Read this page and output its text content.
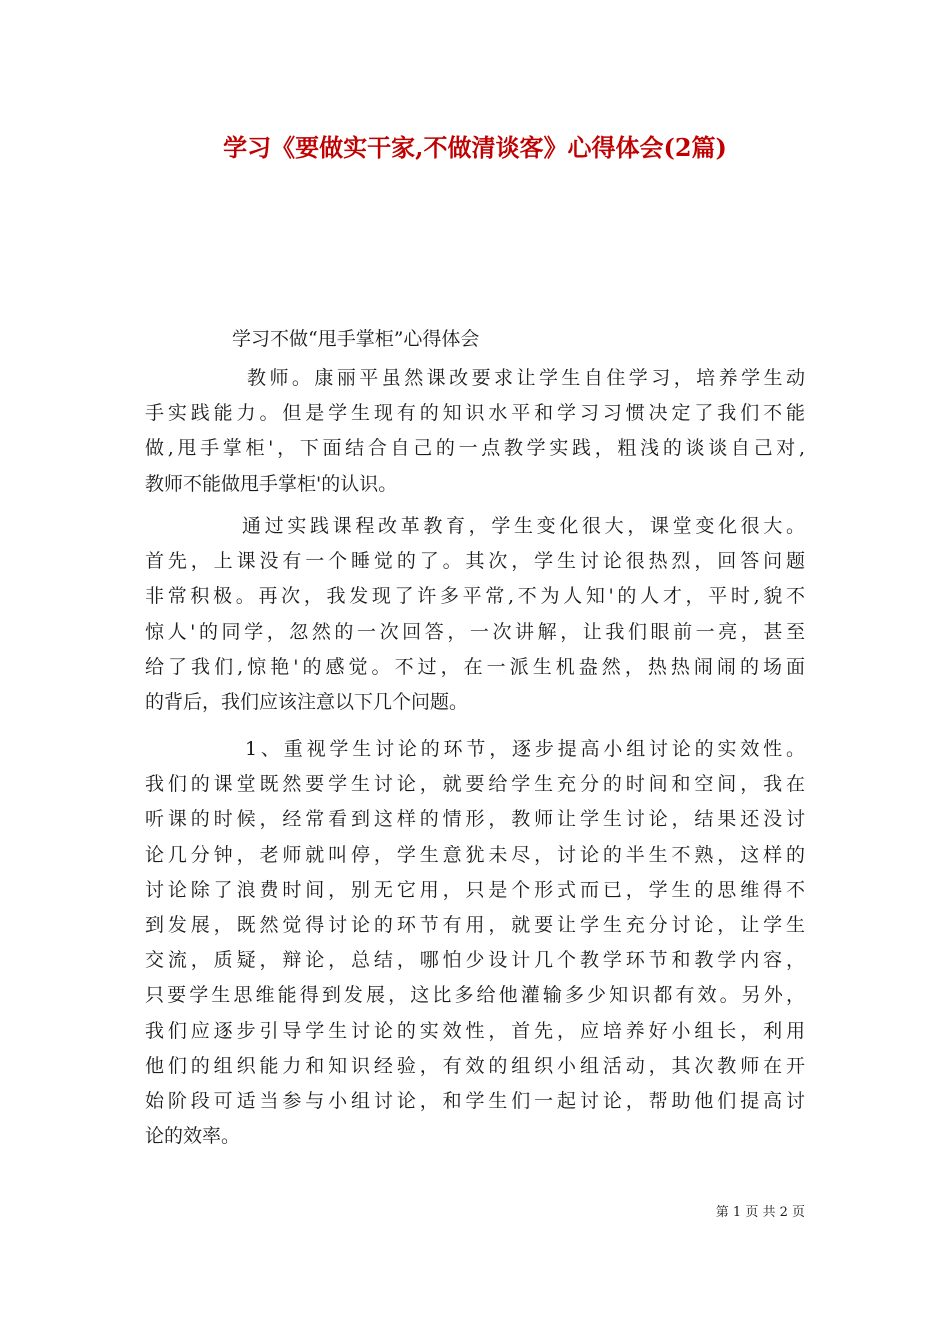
学习《要做实干家,不做清谈客》心得体会(2篇)

学习不做“甩手掌柜”心得体会

教师。康丽平虽然课改要求让学生自住学习，培养学生动
手实践能力。但是学生现有的知识水平和学习习惯决定了我们不能
做,甩手掌柜'，下面结合自己的一点教学实践，粗浅的谈谈自己对,
教师不能做甩手掌柜'的认识。
通过实践课程改革教育，学生变化很大，课堂变化很大。
首先，上课没有一个睡觉的了。其次，学生讨论很热烈，回答问题
非常积极。再次，我发现了许多平常,不为人知'的人才，平时,貌不
惊人'的同学，忽然的一次回答，一次讲解，让我们眼前一亮，甚至
给了我们,惊艳'的感觉。不过，在一派生机盎然，热热闹闹的场面
的背后，我们应该注意以下几个问题。
1、重视学生讨论的环节，逐步提高小组讨论的实效性。
我们的课堂既然要学生讨论，就要给学生充分的时间和空间，我在
听课的时候，经常看到这样的情形，教师让学生讨论，结果还没讨
论几分钟，老师就叫停，学生意犹未尽，讨论的半生不熟，这样的
讨论除了浪费时间，别无它用，只是个形式而已，学生的思维得不
到发展，既然觉得讨论的环节有用，就要让学生充分讨论，让学生
交流，质疑，辩论，总结，哪怕少设计几个教学环节和教学内容，
只要学生思维能得到发展，这比多给他灌输多少知识都有效。另外，
我们应逐步引导学生讨论的实效性，首先，应培养好小组长，利用
他们的组织能力和知识经验，有效的组织小组活动，其次教师在开
始阶段可适当参与小组讨论，和学生们一起讨论，帮助他们提高讨
论的效率。

第 1 页 共 2 页
